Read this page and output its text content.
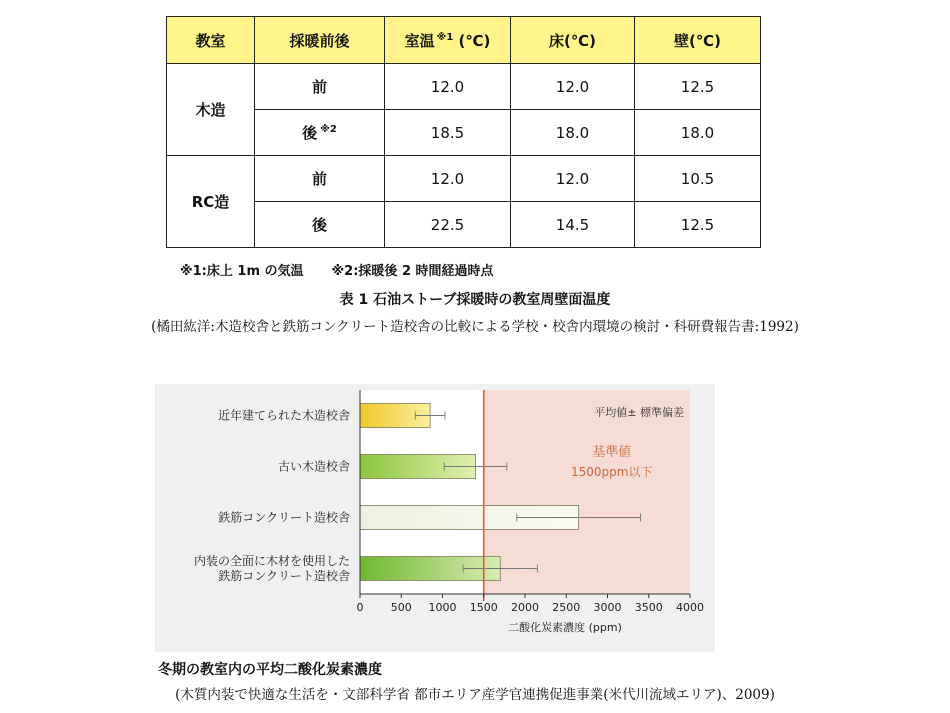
教室	採暖前後	室温 $^{※1}$ (℃)	床(℃)	壁(℃)
木造	前	12.0	12.0	12.5
	後 $^{※2}$	18.5	18.0	18.0
RC造	前	12.0	12.0	10.5
	後	22.5	14.5	12.5
※1:床上 1m の気温 ※2:採暖後 2 時間経過時点
表 1 石油ストーブ採暖時の教室周壁面温度
(橘田紘洋:木造校舎と鉄筋コンクリート造校舎の比較による学校・校舎内環境の検討・科研費報告書:1992)
近年建てられた木造校舎
古い木造校舎
鉄筋コンクリート造校舎
内装の全面に木材を使用した
鉄筋コンクリート造校舎
0 500 1000 1500 2000 2500 3000 3500 4000
二酸化炭素濃度 (ppm)
平均値± 標準偏差
基準値
1500ppm以下
冬期の教室内の平均二酸化炭素濃度
(木質内装で快適な生活を・文部科学省 都市エリア産学官連携促進事業(米代川流域エリア)、2009)
